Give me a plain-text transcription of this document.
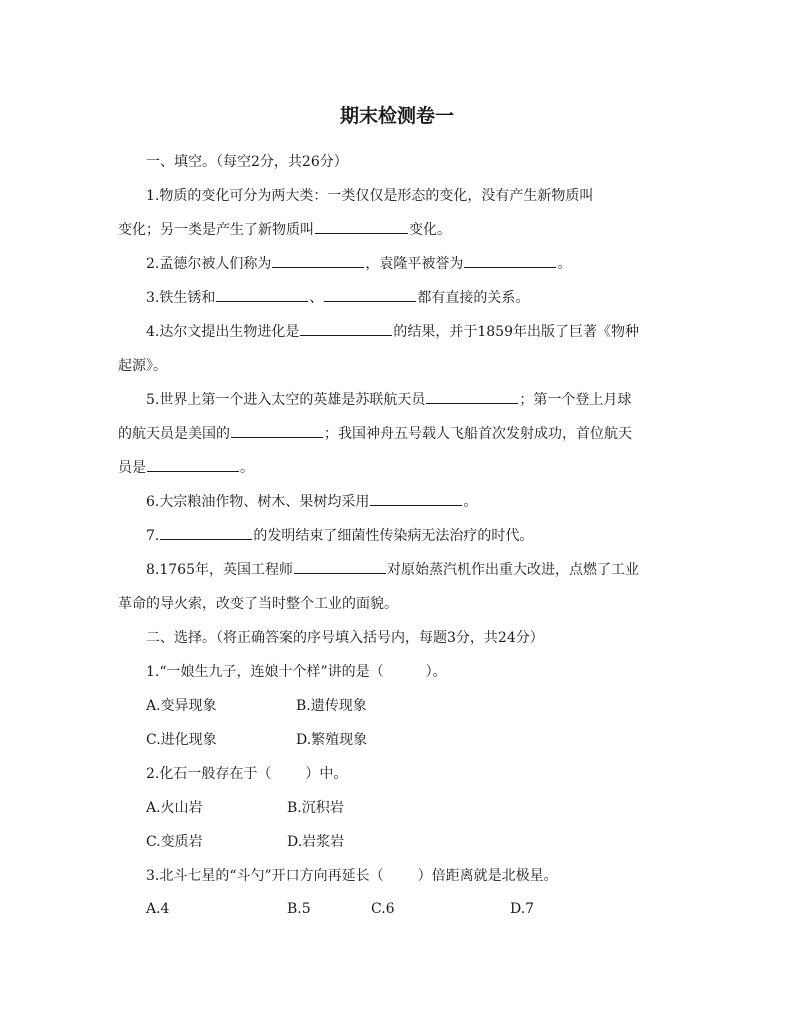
期末检测卷一
一、填空。（每空2分，共26分）
1.物质的变化可分为两大类：一类仅仅是形态的变化，没有产生新物质叫
变化；另一类是产生了新物质叫	变化。
2.孟德尔被人们称为	，袁隆平被誉为	。
3.铁生锈和	、	都有直接的关系。
4.达尔文提出生物进化是	的结果，并于1859年出版了巨著《物种
起源》。
5.世界上第一个进入太空的英雄是苏联航天员	；第一个登上月球
的航天员是美国的	；我国神舟五号载人飞船首次发射成功，首位航天
员是	。
6.大宗粮油作物、树木、果树均采用	。
7.	的发明结束了细菌性传染病无法治疗的时代。
8.1765年，英国工程师	对原始蒸汽机作出重大改进，点燃了工业
革命的导火索，改变了当时整个工业的面貌。
二、选择。（将正确答案的序号填入括号内，每题3分，共24分）
1.“一娘生九子，连娘十个样”讲的是（	）。
A.变异现象	B.遗传现象
C.进化现象	D.繁殖现象
2.化石一般存在于（ ）中。
A.火山岩	B.沉积岩
C.变质岩	D.岩浆岩
3.北斗七星的“斗勺”开口方向再延长（ ）倍距离就是北极星。
A.4	B.5	C.6	D.7
